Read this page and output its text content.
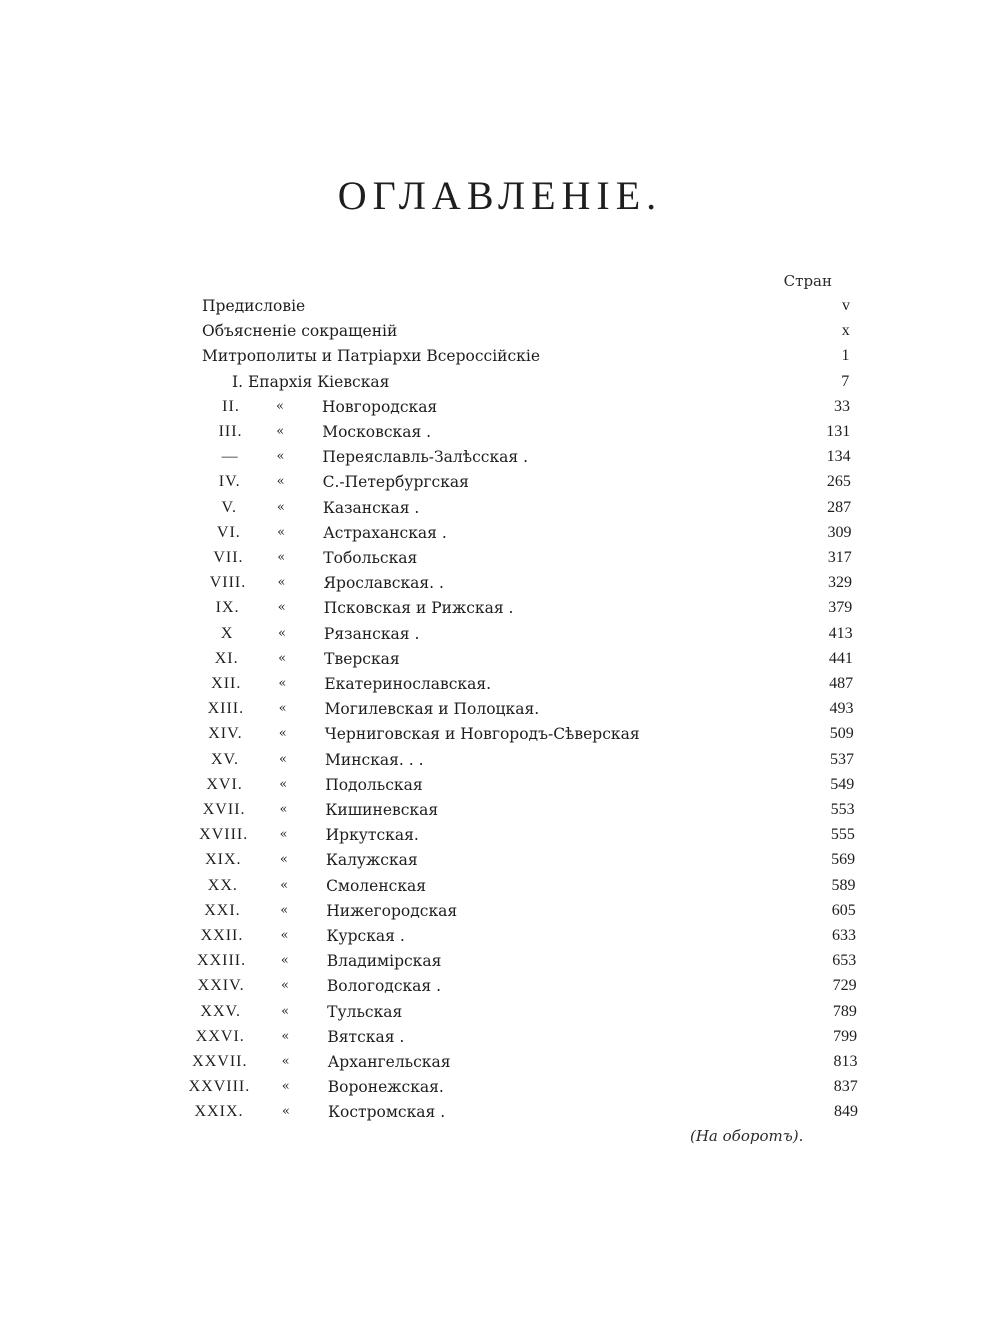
ОГЛАВЛЕНIЕ.
Стран
Предисловіе	v
Объясненіе сокращенiй	x
Митрополиты и Патріархи Всероссійскіе	1
I. Епархія Кіевская	7
II.	«	Новгородская	33
III.	«	Московская .	131
—	«	Переяславль-Залѣсская .	134
IV.	«	С.-Петербургская	265
V.	«	Казанская .	287
VI.	«	Астраханская .	309
VII.	«	Тобольская	317
VIII.	«	Ярославская. .	329
IX.	«	Псковская и Рижская .	379
X	«	Рязанская .	413
XI.	«	Тверская	441
XII.	«	Екатеринославская.	487
XIII.	«	Могилевская и Полоцкая.	493
XIV.	«	Черниговская и Новгородъ-Сѣверская	509
XV.	«	Минская. . .	537
XVI.	«	Подольская	549
XVII.	«	Кишиневская	553
XVIII.	«	Иркутская.	555
XIX.	«	Калужская	569
XX.	«	Смоленская	589
XXI.	«	Нижегородская	605
XXII.	«	Курская .	633
XXIII.	«	Владимірская	653
XXIV.	«	Вологодская .	729
XXV.	«	Тульская	789
XXVI.	«	Вятская .	799
XXVII.	«	Архангельская	813
XXVIII.	«	Воронежская.	837
XXIX.	«	Костромская .	849
(На оборотъ).
